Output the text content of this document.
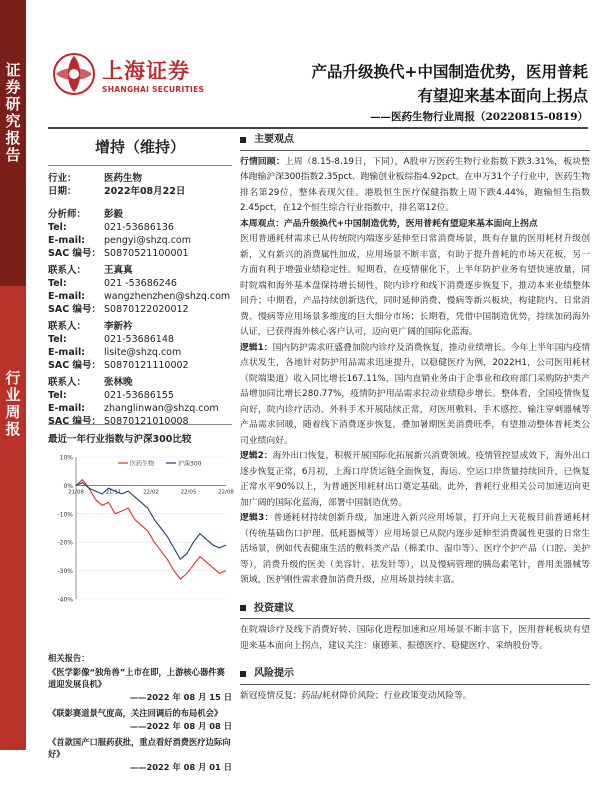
证券研究报告
行业周报
上海证券
SHANGHAI SECURITIES
产品升级换代+中国制造优势，医用普耗
有望迎来基本面向上拐点
——医药生物行业周报（20220815-0819）
增持（维持）
行业：	医药生物
日期：	2022年08月22日
分析师：	彭毅
Tel:	021-53686136
E-mail:	pengyi@shzq.com
SAC 编号： S0870521100001
联系人：	王真真
Tel:	021 -53686246
E-mail:	wangzhenzhen@shzq.com
SAC 编号： S0870122020012
联系人：	李新衿
Tel:	021-53686148
E-mail:	lisite@shzq.com
SAC 编号： S0870121110002
联系人：	张林晚
Tel:	021-53686155
E-mail:	zhanglinwan@shzq.com
SAC 编号： S0870121010008
最近一年行业指数与沪深300比较
10%
0%
-10%
-20%
-30%
-40%
21/08	21/11	22/02	22/05	22/08
医药生物	沪深300
相关报告：
《医学影像“独角兽”上市在即，上游核心器件赛道迎发展良机》
——2022 年 08 月 15 日
《联影赛道景气度高，关注回调后的布局机会》
——2022 年 08 月 08 日
《首款国产口服药获批，重点看好消费医疗边际向好》
——2022 年 08 月 01 日
主要观点
行情回顾：上周（8.15-8.19日，下同），A股申万医药生物行业指数下跌3.31%，板块整体跑输沪深300指数2.35pct、跑输创业板综指4.92pct。在申万31个子行业中，医药生物排名第29位，整体表现欠佳。港股恒生医疗保健指数上周下跌4.44%，跑输恒生指数2.45pct，在12个恒生综合行业指数中，排名第12位。
本周观点：产品升级换代+中国制造优势，医用普耗有望迎来基本面向上拐点
医用普通耗材需求已从传统院内端逐步延伸至日常消费场景，既有存量的医用耗材升级创新，又有新兴的消费属性加成，应用场景不断丰富，有助于提升普耗的市场天花板，另一方面有利于增强业绩稳定性。短期看，在疫情催化下，上半年防护业务有望快速放量，同时院端和海外基本盘保持增长韧性，院内诊疗和线下消费逐步恢复下，推动本来业绩整体回升；中期看，产品持续创新迭代，同时延伸消费、慢病等新兴板块，构建院内、日常消费、慢病等应用场景多维度的巨大细分市场；长期看，凭借中国制造优势，持续加码海外认证，已获得海外核心客户认可，迈向更广阔的国际化蓝海。
逻辑1：国内防护需求旺盛叠加院内诊疗及消费恢复，推动业绩增长。今年上半年国内疫情点状发生，各地针对防护用品需求迅速提升，以稳健医疗为例，2022H1，公司医用耗材（院端渠道）收入同比增长167.11%，国内直销业务由于企事业和政府部门采购防护类产品增加同比增长280.77%，疫情防护用品需求拉动业绩稳步增长。整体看，全国疫情恢复向好，院内诊疗活动、外科手术开展陆续正常，对医用敷料、手术感控、输注穿刺器械等产品需求回暖，随着线下消费逐步恢复，叠加暑期医美消费旺季，有望推动整体普耗类公司业绩向好。
逻辑2：海外出口恢复，积极开展国际化拓展新兴消费领域。疫情管控显成效下，海外出口逐步恢复正常，6月初，上海口岸货运链全面恢复，海运、空运口岸货量持续回升，已恢复正常水平90%以上，为普通医用耗材出口奠定基础。此外，普耗行业相关公司加速迈向更加广阔的国际化蓝海，部署中国制造优势。
逻辑3：普通耗材持续创新升级，加速进入新兴应用场景，打开向上天花板目前普通耗材（传统基础伤口护理、低耗器械等）应用场景已从院内逐步延伸至消费属性更强的日常生活场景，例如代表健康生活的敷料类产品（棉柔巾、湿巾等）、医疗个护产品（口腔、美护等），消费升级的医美（美容针、祛发针等），以及慢病管理的胰岛素笔针，普用美器械等领域，医护刚性需求叠加消费升级，应用场景持续丰富。
投资建议
在院端诊疗及线下消费好转、国际化进程加速和应用场景不断丰富下，医用普耗板块有望迎来基本面向上拐点，建议关注：康德莱、振德医疗、稳健医疗、采纳股份等。
风险提示
新冠疫情反复；药品/耗材降价风险；行业政策变动风险等。
